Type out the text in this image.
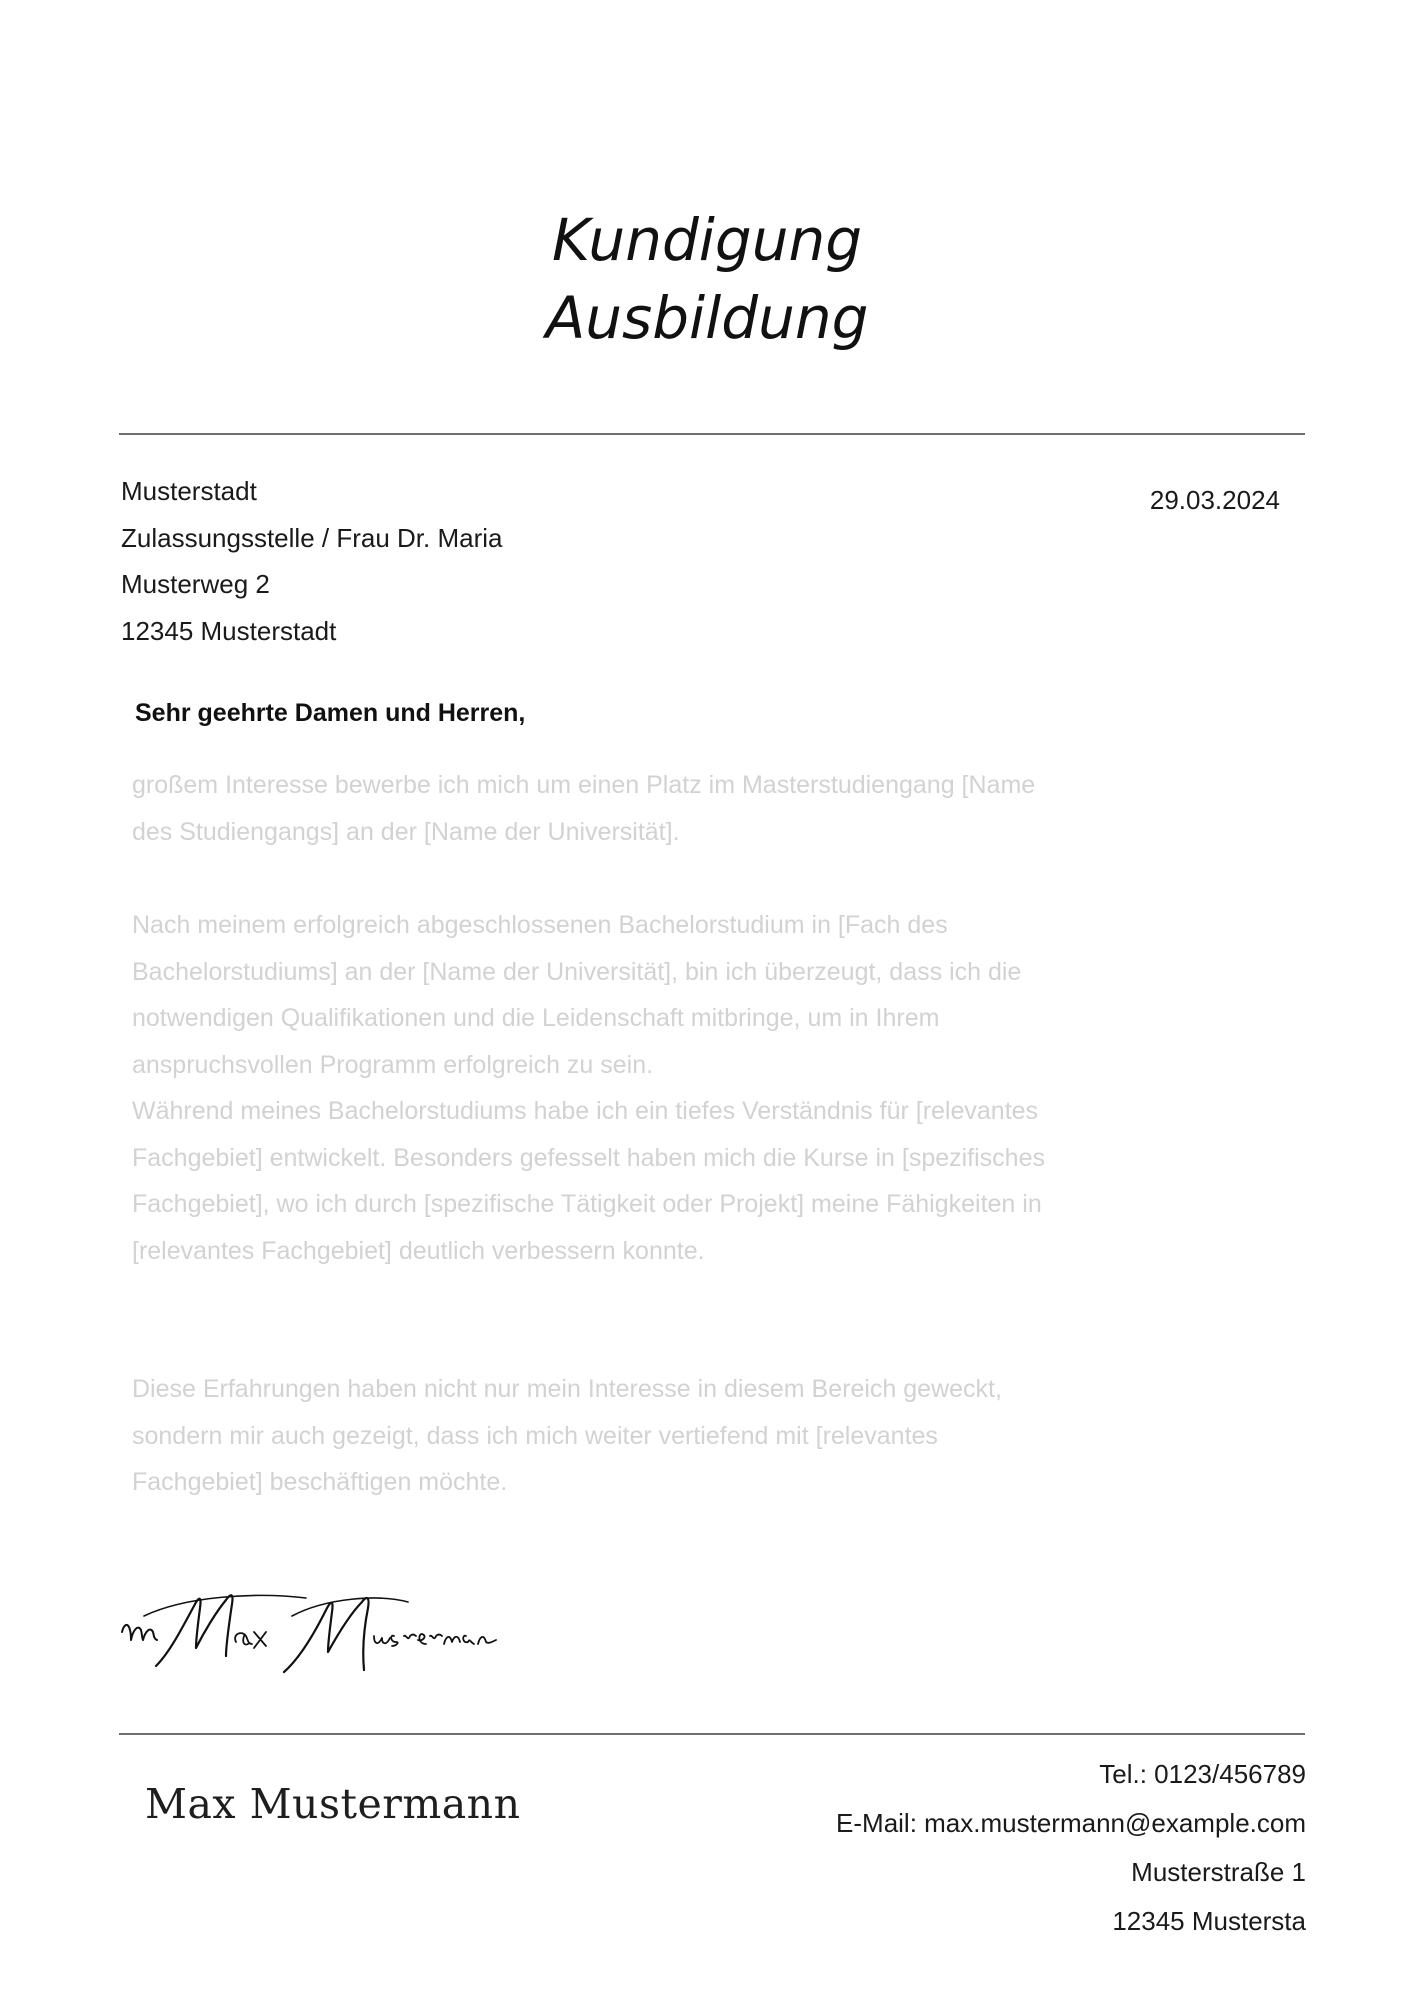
Kundigung
Ausbildung
Musterstadt
Zulassungsstelle / Frau Dr. Maria
Musterweg 2
12345 Musterstadt
29.03.2024
Sehr geehrte Damen und Herren,
großem Interesse bewerbe ich mich um einen Platz im Masterstudiengang [Name
des Studiengangs] an der [Name der Universität].
Nach meinem erfolgreich abgeschlossenen Bachelorstudium in [Fach des
Bachelorstudiums] an der [Name der Universität], bin ich überzeugt, dass ich die
notwendigen Qualifikationen und die Leidenschaft mitbringe, um in Ihrem
anspruchsvollen Programm erfolgreich zu sein.
Während meines Bachelorstudiums habe ich ein tiefes Verständnis für [relevantes
Fachgebiet] entwickelt. Besonders gefesselt haben mich die Kurse in [spezifisches
Fachgebiet], wo ich durch [spezifische Tätigkeit oder Projekt] meine Fähigkeiten in
[relevantes Fachgebiet] deutlich verbessern konnte.
Diese Erfahrungen haben nicht nur mein Interesse in diesem Bereich geweckt,
sondern mir auch gezeigt, dass ich mich weiter vertiefend mit [relevantes
Fachgebiet] beschäftigen möchte.
Max Mustermann
Tel.: 0123/456789
E-Mail: max.mustermann@example.com
Musterstraße 1
12345 Mustersta
